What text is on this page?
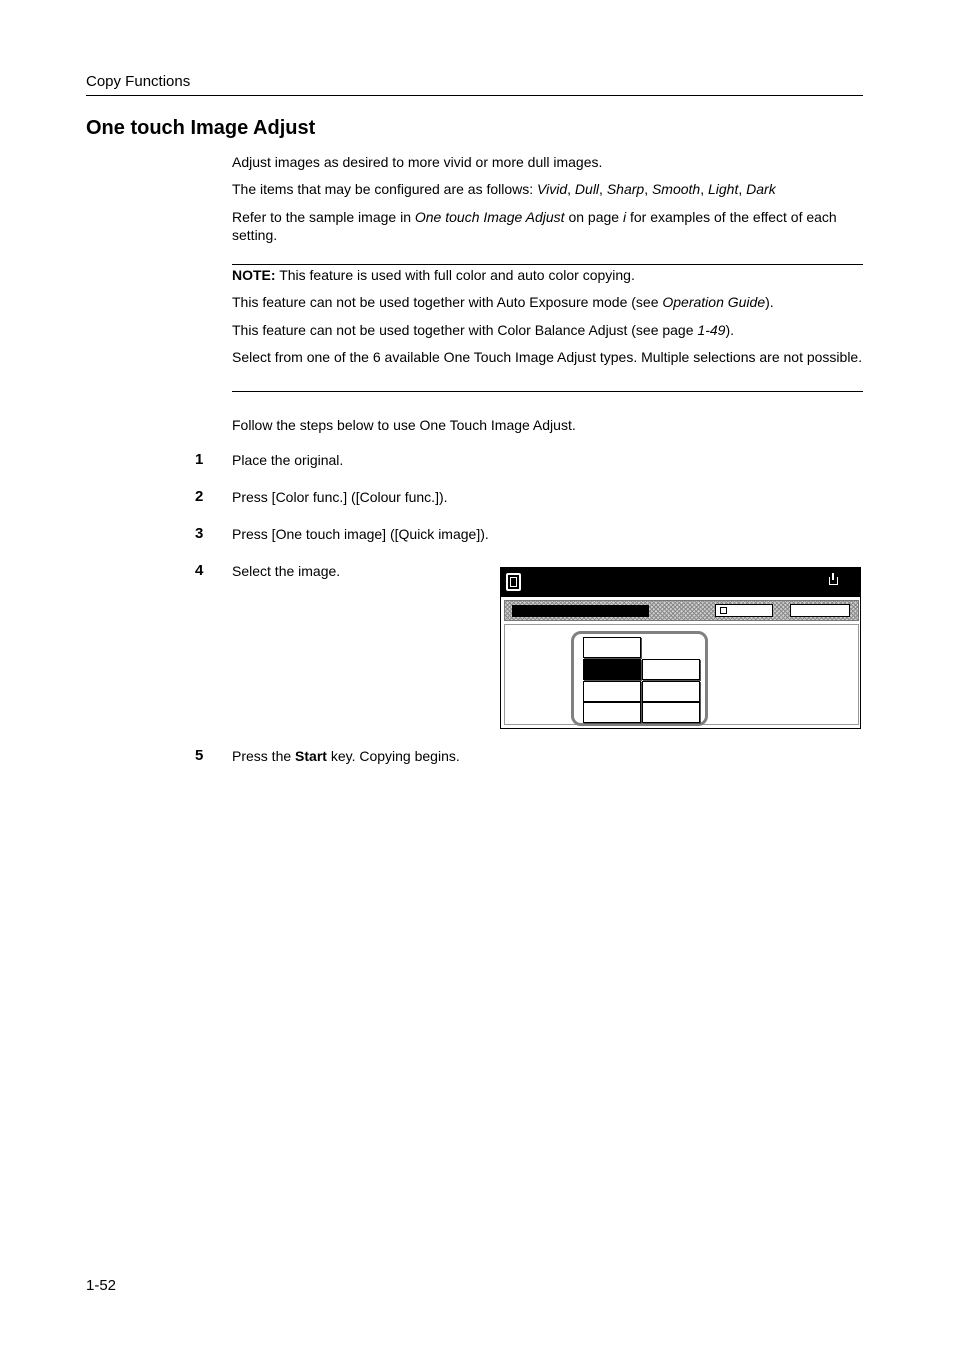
Copy Functions
One touch Image Adjust
Adjust images as desired to more vivid or more dull images.
The items that may be configured are as follows: Vivid, Dull, Sharp, Smooth, Light, Dark
Refer to the sample image in One touch Image Adjust on page i for examples of the effect of each setting.
NOTE: This feature is used with full color and auto color copying.
This feature can not be used together with Auto Exposure mode (see Operation Guide).
This feature can not be used together with Color Balance Adjust (see page 1-49).
Select from one of the 6 available One Touch Image Adjust types. Multiple selections are not possible.
Follow the steps below to use One Touch Image Adjust.
1 Place the original.
2 Press [Color func.] ([Colour func.]).
3 Press [One touch image] ([Quick image]).
4 Select the image.
5 Press the Start key. Copying begins.
1-52
